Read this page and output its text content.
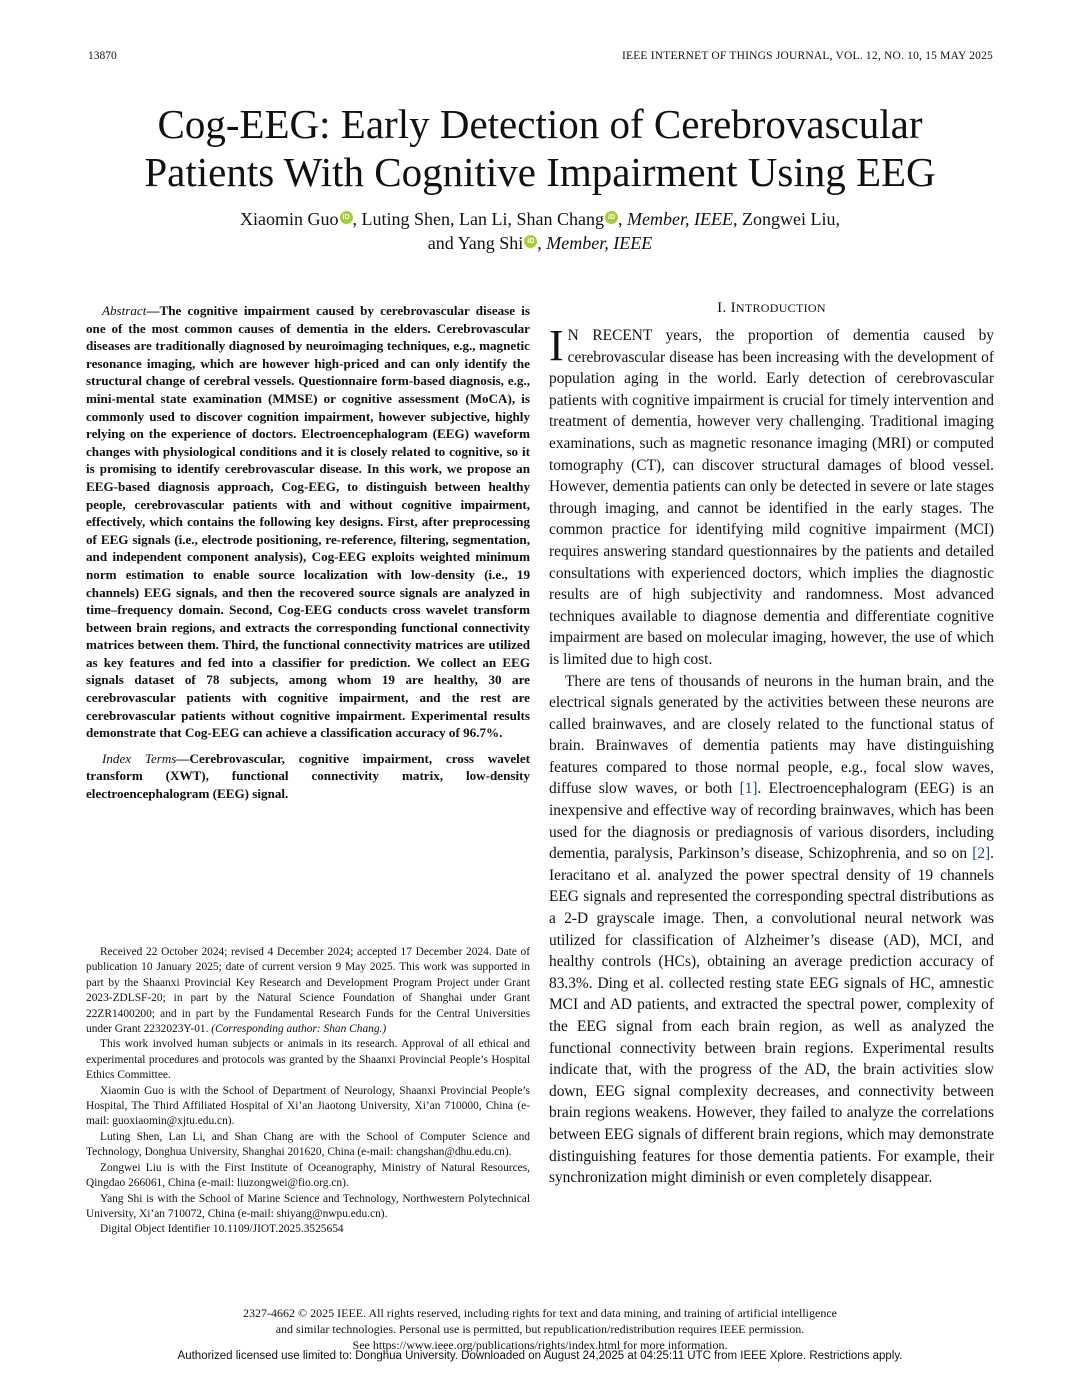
13870	IEEE INTERNET OF THINGS JOURNAL, VOL. 12, NO. 10, 15 MAY 2025
Cog-EEG: Early Detection of Cerebrovascular
Patients With Cognitive Impairment Using EEG
Xiaomin Guo iD , Luting Shen, Lan Li, Shan Chang iD , Member, IEEE, Zongwei Liu,
and Yang Shi iD , Member, IEEE

Abstract—The cognitive impairment caused by cerebrovascular disease is one of the most common causes of dementia in the elders. Cerebrovascular diseases are traditionally diagnosed by neuroimaging techniques, e.g., magnetic resonance imaging, which are however high-priced and can only identify the structural change of cerebral vessels. Questionnaire form-based diagnosis, e.g., mini-mental state examination (MMSE) or cognitive assessment (MoCA), is commonly used to discover cognition impairment, however subjective, highly relying on the experience of doctors. Electroencephalogram (EEG) waveform changes with physiological conditions and it is closely related to cognitive, so it is promising to identify cerebrovascular disease. In this work, we propose an EEG-based diagnosis approach, Cog-EEG, to distinguish between healthy people, cerebrovascular patients with and without cognitive impairment, effectively, which contains the following key designs. First, after preprocessing of EEG signals (i.e., electrode positioning, re-reference, filtering, segmentation, and independent component analysis), Cog-EEG exploits weighted minimum norm estimation to enable source localization with low-density (i.e., 19 channels) EEG signals, and then the recovered source signals are analyzed in time–frequency domain. Second, Cog-EEG conducts cross wavelet transform between brain regions, and extracts the corresponding functional connectivity matrices between them. Third, the functional connectivity matrices are utilized as key features and fed into a classifier for prediction. We collect an EEG signals dataset of 78 subjects, among whom 19 are healthy, 30 are cerebrovascular patients with cognitive impairment, and the rest are cerebrovascular patients without cognitive impairment. Experimental results demonstrate that Cog-EEG can achieve a classification accuracy of 96.7%.

Index Terms—Cerebrovascular, cognitive impairment, cross wavelet transform (XWT), functional connectivity matrix, low-density electroencephalogram (EEG) signal.

Received 22 October 2024; revised 4 December 2024; accepted 17 December 2024. Date of publication 10 January 2025; date of current version 9 May 2025. This work was supported in part by the Shaanxi Provincial Key Research and Development Program Project under Grant 2023-ZDLSF-20; in part by the Natural Science Foundation of Shanghai under Grant 22ZR1400200; and in part by the Fundamental Research Funds for the Central Universities under Grant 2232023Y-01. (Corresponding author: Shan Chang.)

This work involved human subjects or animals in its research. Approval of all ethical and experimental procedures and protocols was granted by the Shaanxi Provincial People’s Hospital Ethics Committee.

Xiaomin Guo is with the School of Department of Neurology, Shaanxi Provincial People’s Hospital, The Third Affiliated Hospital of Xi’an Jiaotong University, Xi’an 710000, China (e-mail: guoxiaomin@xjtu.edu.cn).

Luting Shen, Lan Li, and Shan Chang are with the School of Computer Science and Technology, Donghua University, Shanghai 201620, China (e-mail: changshan@dhu.edu.cn).

Zongwei Liu is with the First Institute of Oceanography, Ministry of Natural Resources, Qingdao 266061, China (e-mail: liuzongwei@fio.org.cn).

Yang Shi is with the School of Marine Science and Technology, Northwestern Polytechnical University, Xi’an 710072, China (e-mail: shiyang@nwpu.edu.cn).

Digital Object Identifier 10.1109/JIOT.2025.3525654

I. INTRODUCTION

IN RECENT years, the proportion of dementia caused by cerebrovascular disease has been increasing with the development of population aging in the world. Early detection of cerebrovascular patients with cognitive impairment is crucial for timely intervention and treatment of dementia, however very challenging. Traditional imaging examinations, such as magnetic resonance imaging (MRI) or computed tomography (CT), can discover structural damages of blood vessel. However, dementia patients can only be detected in severe or late stages through imaging, and cannot be identified in the early stages. The common practice for identifying mild cognitive impairment (MCI) requires answering standard questionnaires by the patients and detailed consultations with experienced doctors, which implies the diagnostic results are of high subjectivity and randomness. Most advanced techniques available to diagnose dementia and differentiate cognitive impairment are based on molecular imaging, however, the use of which is limited due to high cost.

There are tens of thousands of neurons in the human brain, and the electrical signals generated by the activities between these neurons are called brainwaves, and are closely related to the functional status of brain. Brainwaves of dementia patients may have distinguishing features compared to those normal people, e.g., focal slow waves, diffuse slow waves, or both [1]. Electroencephalogram (EEG) is an inexpensive and effective way of recording brainwaves, which has been used for the diagnosis or prediagnosis of various disorders, including dementia, paralysis, Parkinson’s disease, Schizophrenia, and so on [2]. Ieracitano et al. analyzed the power spectral density of 19 channels EEG signals and represented the corresponding spectral distributions as a 2-D grayscale image. Then, a convolutional neural network was utilized for classification of Alzheimer’s disease (AD), MCI, and healthy controls (HCs), obtaining an average prediction accuracy of 83.3%. Ding et al. collected resting state EEG signals of HC, amnestic MCI and AD patients, and extracted the spectral power, complexity of the EEG signal from each brain region, as well as analyzed the functional connectivity between brain regions. Experimental results indicate that, with the progress of the AD, the brain activities slow down, EEG signal complexity decreases, and connectivity between brain regions weakens. However, they failed to analyze the correlations between EEG signals of different brain regions, which may demonstrate distinguishing features for those dementia patients. For example, their synchronization might diminish or even completely disappear.

2327-4662 © 2025 IEEE. All rights reserved, including rights for text and data mining, and training of artificial intelligence
and similar technologies. Personal use is permitted, but republication/redistribution requires IEEE permission.
See https://www.ieee.org/publications/rights/index.html for more information.
Authorized licensed use limited to: Donghua University. Downloaded on August 24,2025 at 04:25:11 UTC from IEEE Xplore. Restrictions apply.
